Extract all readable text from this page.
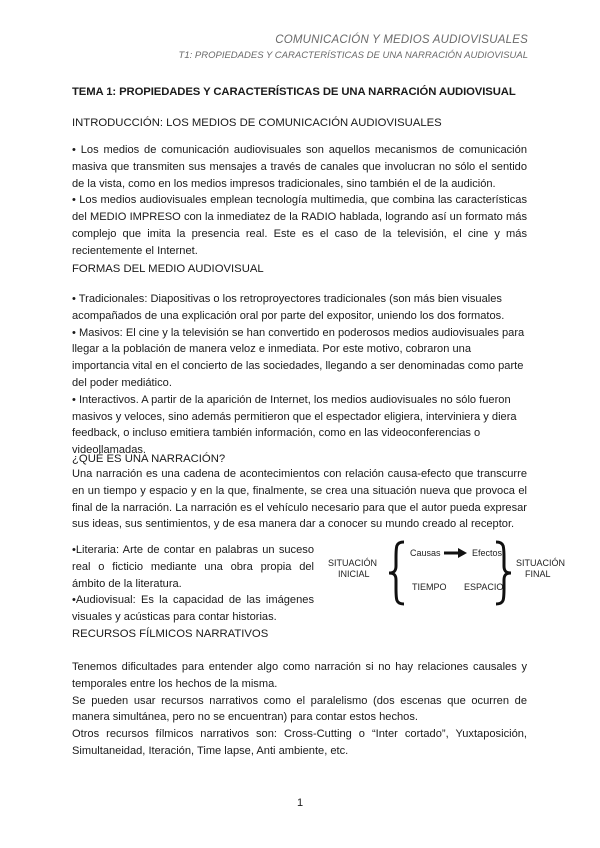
COMUNICACIÓN Y MEDIOS AUDIOVISUALES
T1: PROPIEDADES Y CARACTERÍSTICAS DE UNA NARRACIÓN AUDIOVISUAL
TEMA 1: PROPIEDADES Y CARACTERÍSTICAS DE UNA NARRACIÓN AUDIOVISUAL
INTRODUCCIÓN: LOS MEDIOS DE COMUNICACIÓN AUDIOVISUALES

• Los medios de comunicación audiovisuales son aquellos mecanismos de comunicación masiva que transmiten sus mensajes a través de canales que involucran no sólo el sentido de la vista, como en los medios impresos tradicionales, sino también el de la audición.

• Los medios audiovisuales emplean tecnología multimedia, que combina las características del MEDIO IMPRESO con la inmediatez de la RADIO hablada, logrando así un formato más complejo que imita la presencia real. Este es el caso de la televisión, el cine y más recientemente el Internet.

FORMAS DEL MEDIO AUDIOVISUAL

• Tradicionales: Diapositivas o los retroproyectores tradicionales (son más bien visuales acompañados de una explicación oral por parte del expositor, uniendo los dos formatos.

• Masivos: El cine y la televisión se han convertido en poderosos medios audiovisuales para llegar a la población de manera veloz e inmediata. Por este motivo, cobraron una importancia vital en el concierto de las sociedades, llegando a ser denominadas como parte del poder mediático.

• Interactivos. A partir de la aparición de Internet, los medios audiovisuales no sólo fueron masivos y veloces, sino además permitieron que el espectador eligiera, interviniera y diera feedback, o incluso emitiera también información, como en las videoconferencias o videollamadas.

¿QUÉ ES UNA NARRACIÓN?
Una narración es una cadena de acontecimientos con relación causa-efecto que transcurre en un tiempo y espacio y en la que, finalmente, se crea una situación nueva que provoca el final de la narración. La narración es el vehículo necesario para que el autor pueda expresar sus ideas, sus sentimientos, y de esa manera dar a conocer su mundo creado al receptor.

•Literaria: Arte de contar en palabras un suceso real o ficticio mediante una obra propia del ámbito de la literatura.

•Audiovisual: Es la capacidad de las imágenes visuales y acústicas para contar historias.

SITUACIÓN
INICIAL
Causas	Efectos
TIEMPO ESPACIO
SITUACIÓN
FINAL
RECURSOS FÍLMICOS NARRATIVOS

Tenemos dificultades para entender algo como narración si no hay relaciones causales y temporales entre los hechos de la misma.

Se pueden usar recursos narrativos como el paralelismo (dos escenas que ocurren de manera simultánea, pero no se encuentran) para contar estos hechos.

Otros recursos fílmicos narrativos son: Cross-Cutting o “Inter cortado”, Yuxtaposición, Simultaneidad, Iteración, Time lapse, Anti ambiente, etc.

1
